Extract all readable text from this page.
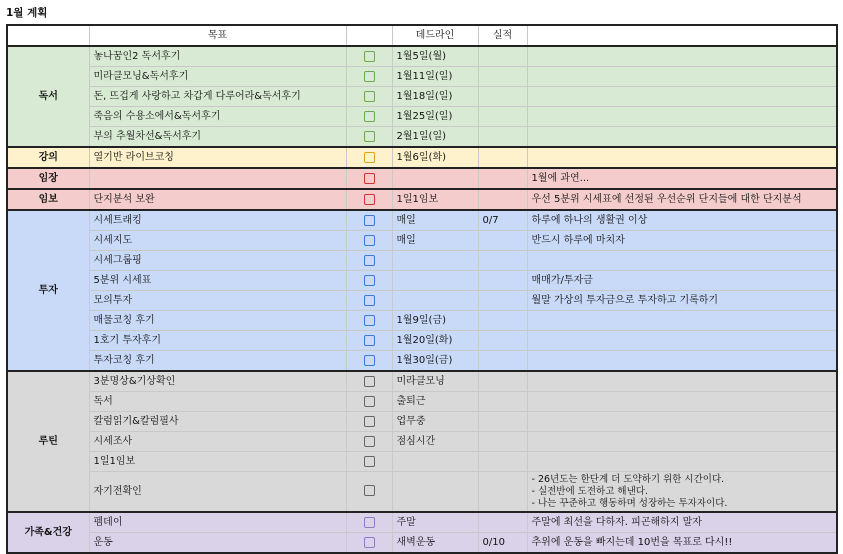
1월 계획
	목표		데드라인	실적	
독서	놓나꿈인2 독서후기		1월5일(월)		
	미라클모닝&독서후기		1월11일(일)		
	돈, 뜨겁게 사랑하고 차갑게 다루어라&독서후기		1월18일(일)		
	죽음의 수용소에서&독서후기		1월25일(일)		
	부의 추월차선&독서후기		2월1일(일)		
강의	열기반 라이브코칭		1월6일(화)		
임장					1월에 과연...
임보	단지분석 보완		1일1임보		우선 5분위 시세표에 선정된 우선순위 단지들에 대한 단지분석
투자	시세트래킹		매일	0/7	하루에 하나의 생활권 이상
	시세지도		매일		반드시 하루에 마치자
	시세그룹핑				
	5분위 시세표				매매가/투자금
	모의투자				월말 가상의 투자금으로 투자하고 기록하기
	매물코칭 후기		1월9일(금)		
	1호기 투자후기		1월20일(화)		
	투자코칭 후기		1월30일(금)		
루틴	3분명상&기상확인		미라클모닝		
	독서		출퇴근		
	칼럼읽기&칼럼필사		업무중		
	시세조사		점심시간		
	1일1임보				
	자기전확인				- 26년도는 한단계 더 도약하기 위한 시간이다.
- 실전반에 도전하고 해낸다.
- 나는 꾸준하고 행동하며 성장하는 투자자이다.

가족&건강	펨데이		주말		주말에 최선을 다하자. 피곤해하지 말자
	운동		새벽운동	0/10	추위에 운동을 빠지는데 10번을 목표로 다시!!
